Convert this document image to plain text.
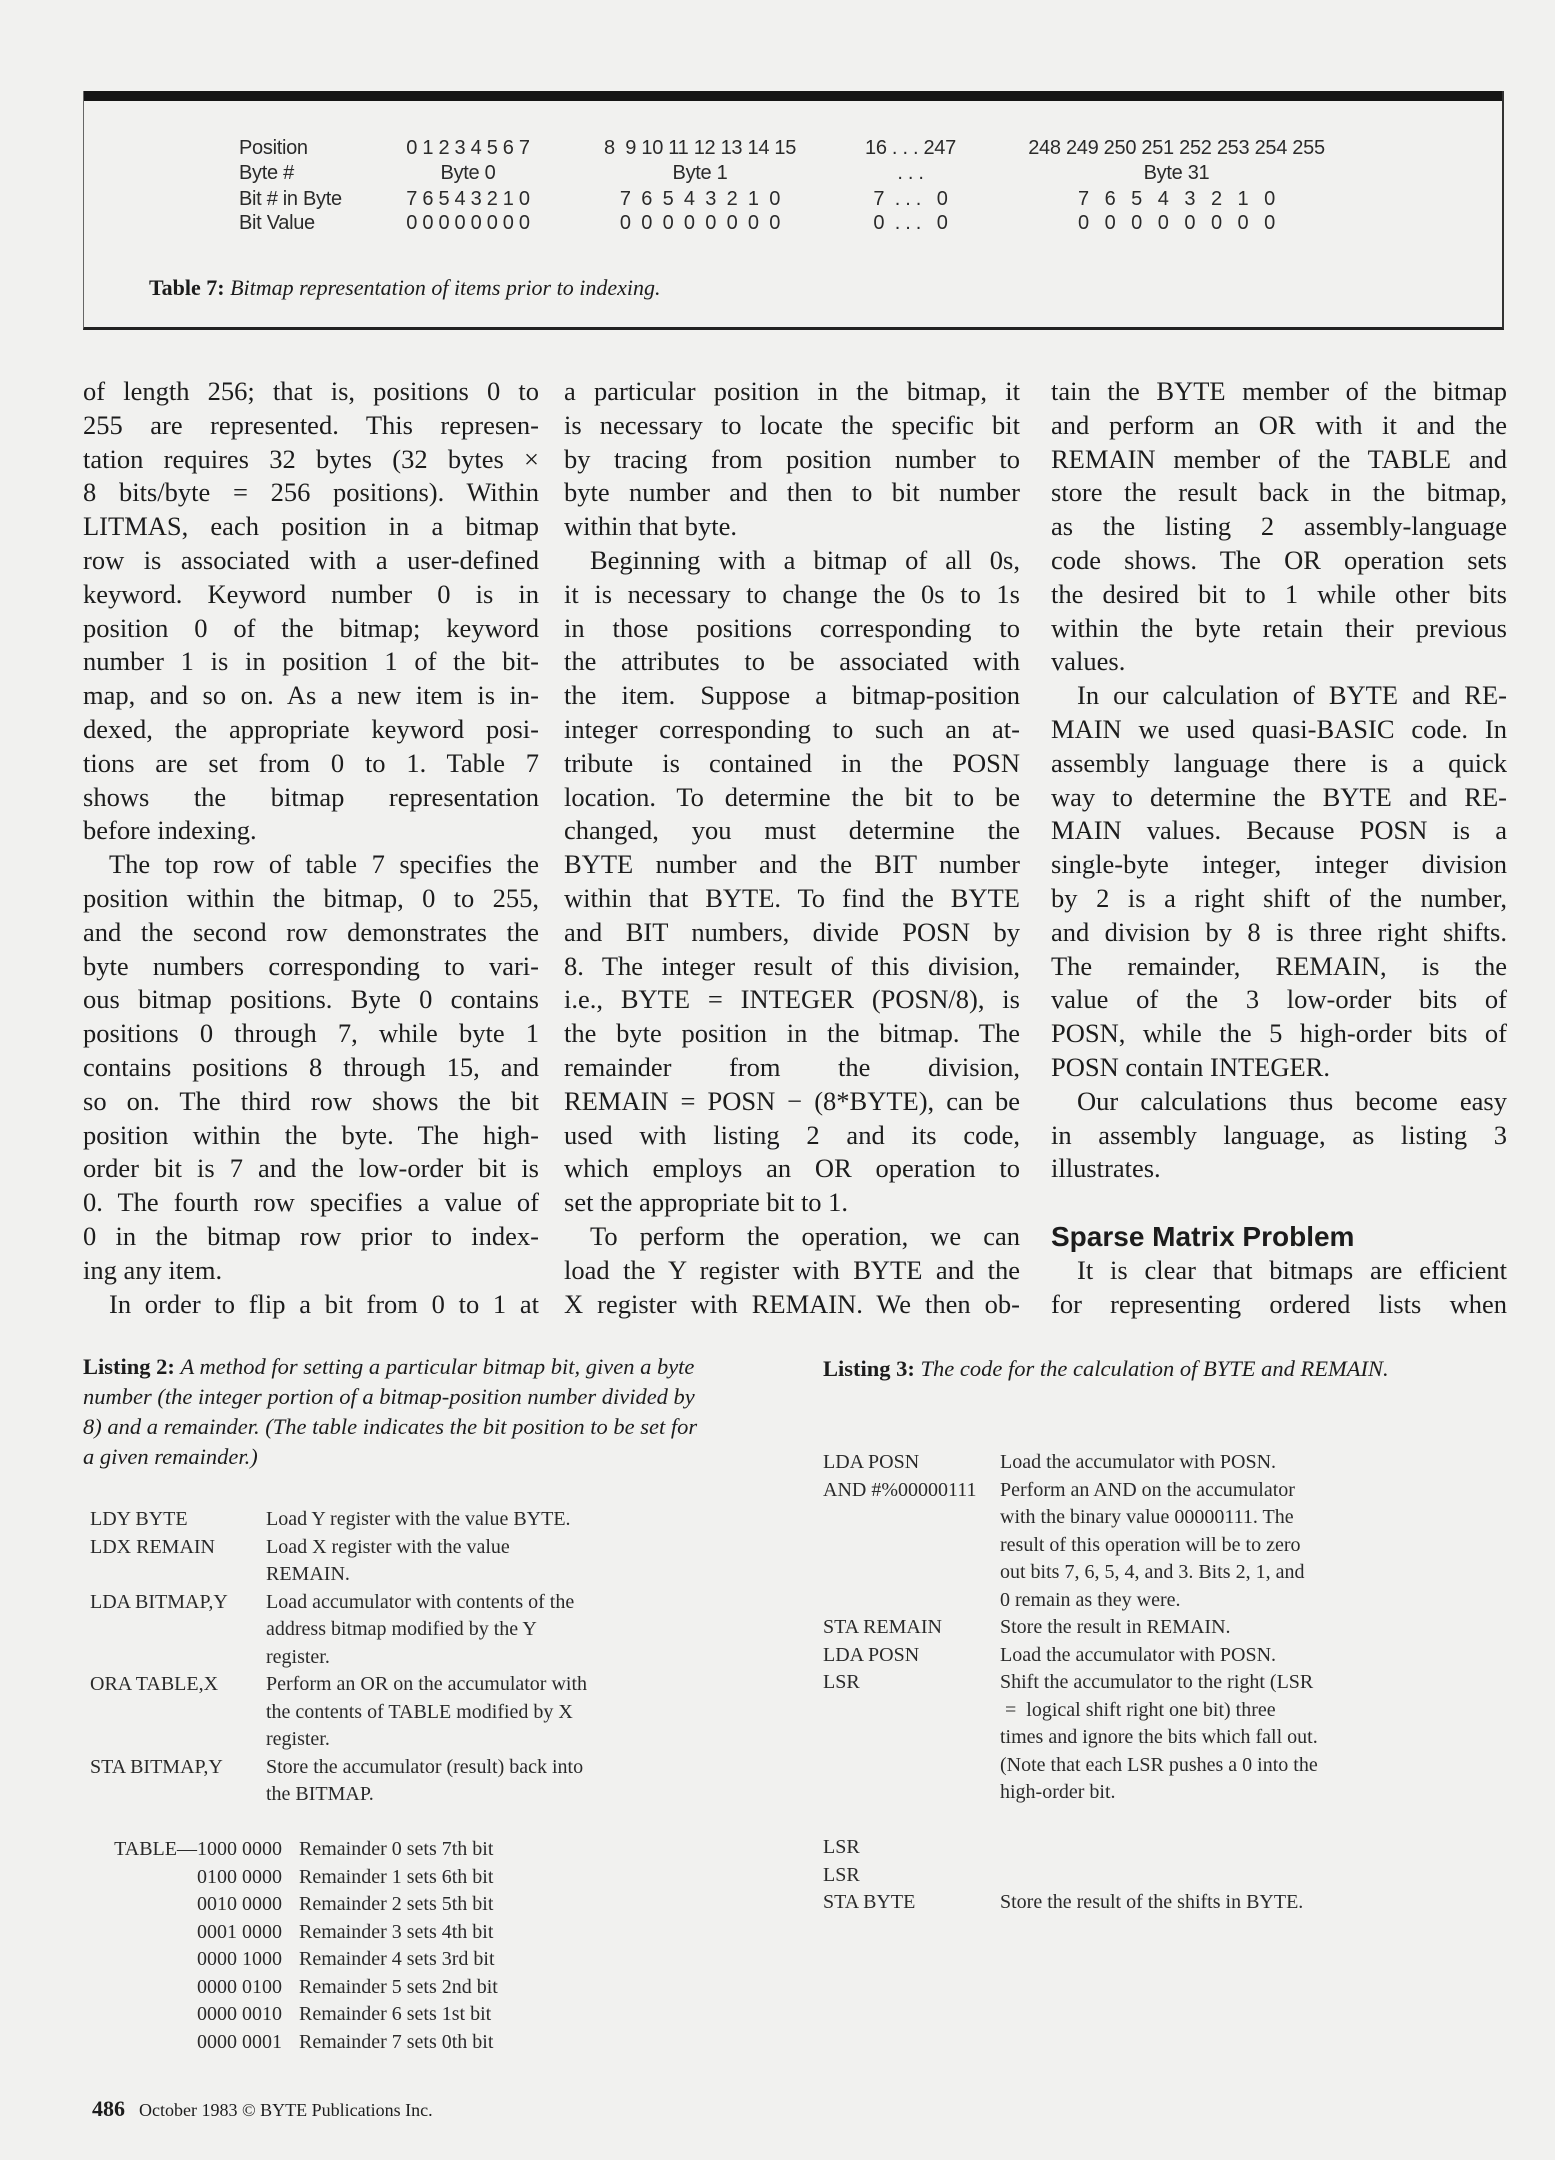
Position	0 1 2 3 4 5 6 7	8  9 10 11 12 13 14 15	16 . . . 247	248 249 250 251 252 253 254 255
Byte #	Byte 0	Byte 1	. . .	Byte 31
Bit # in Byte	7 6 5 4 3 2 1 0	7  6  5  4  3  2  1  0	7  . . .   0	7   6   5   4   3   2   1   0
Bit Value	0 0 0 0 0 0 0 0	0  0  0  0  0  0  0  0	0  . . .   0	0   0   0   0   0   0   0   0
Table 7: Bitmap representation of items prior to indexing.
of length 256; that is, positions 0 to
255 are represented. This represen-
tation requires 32 bytes (32 bytes ×
8 bits/byte = 256 positions). Within
LITMAS, each position in a bitmap
row is associated with a user-defined
keyword. Keyword number 0 is in
position 0 of the bitmap; keyword
number 1 is in position 1 of the bit-
map, and so on. As a new item is in-
dexed, the appropriate keyword posi-
tions are set from 0 to 1. Table 7
shows the bitmap representation
before indexing.
The top row of table 7 specifies the
position within the bitmap, 0 to 255,
and the second row demonstrates the
byte numbers corresponding to vari-
ous bitmap positions. Byte 0 contains
positions 0 through 7, while byte 1
contains positions 8 through 15, and
so on. The third row shows the bit
position within the byte. The high-
order bit is 7 and the low-order bit is
0. The fourth row specifies a value of
0 in the bitmap row prior to index-
ing any item.
In order to flip a bit from 0 to 1 at
a particular position in the bitmap, it
is necessary to locate the specific bit
by tracing from position number to
byte number and then to bit number
within that byte.
Beginning with a bitmap of all 0s,
it is necessary to change the 0s to 1s
in those positions corresponding to
the attributes to be associated with
the item. Suppose a bitmap-position
integer corresponding to such an at-
tribute is contained in the POSN
location. To determine the bit to be
changed, you must determine the
BYTE number and the BIT number
within that BYTE. To find the BYTE
and BIT numbers, divide POSN by
8. The integer result of this division,
i.e., BYTE = INTEGER (POSN/8), is
the byte position in the bitmap. The
remainder from the division,
REMAIN = POSN − (8*BYTE), can be
used with listing 2 and its code,
which employs an OR operation to
set the appropriate bit to 1.
To perform the operation, we can
load the Y register with BYTE and the
X register with REMAIN. We then ob-
tain the BYTE member of the bitmap
and perform an OR with it and the
REMAIN member of the TABLE and
store the result back in the bitmap,
as the listing 2 assembly-language
code shows. The OR operation sets
the desired bit to 1 while other bits
within the byte retain their previous
values.
In our calculation of BYTE and RE-
MAIN we used quasi-BASIC code. In
assembly language there is a quick
way to determine the BYTE and RE-
MAIN values. Because POSN is a
single-byte integer, integer division
by 2 is a right shift of the number,
and division by 8 is three right shifts.
The remainder, REMAIN, is the
value of the 3 low-order bits of
POSN, while the 5 high-order bits of
POSN contain INTEGER.
Our calculations thus become easy
in assembly language, as listing 3
illustrates.
Sparse Matrix Problem
It is clear that bitmaps are efficient
for representing ordered lists when
Listing 2: A method for setting a particular bitmap bit, given a byte
number (the integer portion of a bitmap-position number divided by
8) and a remainder. (The table indicates the bit position to be set for
a given remainder.)
LDY BYTE	Load Y register with the value BYTE.
LDX REMAIN	Load X register with the value
REMAIN.
LDA BITMAP,Y Load accumulator with contents of the
address bitmap modified by the Y
register.
ORA TABLE,X Perform an OR on the accumulator with
the contents of TABLE modified by X
register.
STA BITMAP,Y Store the accumulator (result) back into
the BITMAP.
TABLE—1000 0000 Remainder 0 sets 7th bit
0100 0000 Remainder 1 sets 6th bit
0010 0000 Remainder 2 sets 5th bit
0001 0000 Remainder 3 sets 4th bit
0000 1000 Remainder 4 sets 3rd bit
0000 0100 Remainder 5 sets 2nd bit
0000 0010 Remainder 6 sets 1st bit
0000 0001 Remainder 7 sets 0th bit
Listing 3: The code for the calculation of BYTE and REMAIN.
LDA POSN	Load the accumulator with POSN.
AND #%00000111 Perform an AND on the accumulator
with the binary value 00000111. The
result of this operation will be to zero
out bits 7, 6, 5, 4, and 3. Bits 2, 1, and
0 remain as they were.
STA REMAIN	Store the result in REMAIN.
LDA POSN	Load the accumulator with POSN.
LSR	Shift the accumulator to the right (LSR
=  logical shift right one bit) three
times and ignore the bits which fall out.
(Note that each LSR pushes a 0 into the
high-order bit.
LSR
LSR
STA BYTE	Store the result of the shifts in BYTE.
486 October 1983 © BYTE Publications Inc.
